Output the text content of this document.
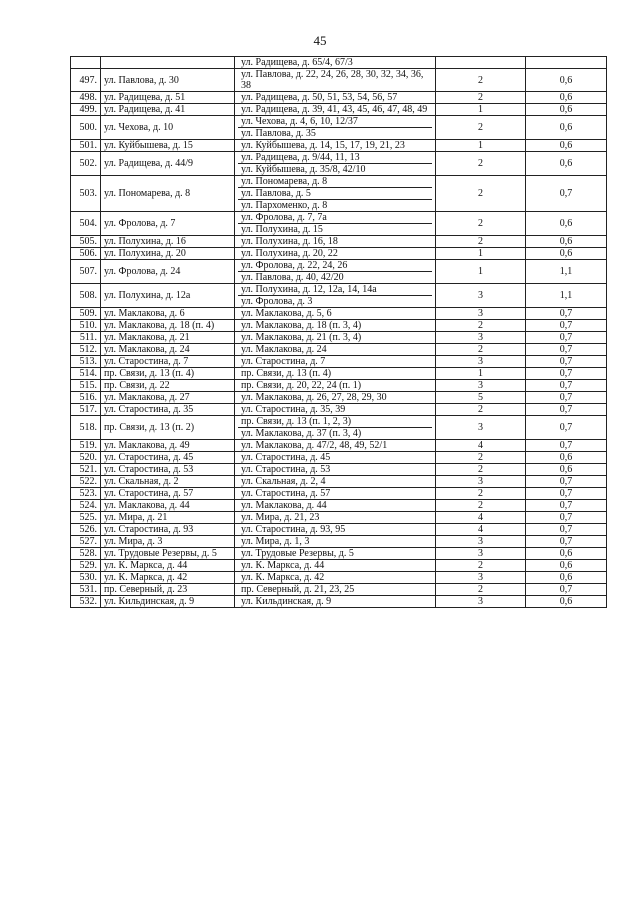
45

		ул. Радищева, д. 65/4, 67/3		

497.	ул. Павлова, д. 30	ул. Павлова, д. 22, 24, 26, 28, 30, 32, 34, 36, 38	2	0,6
498.	ул. Радищева, д. 51	ул. Радищева, д. 50, 51, 53, 54, 56, 57	2	0,6
499.	ул. Радищева, д. 41	ул. Радищева, д. 39, 41, 43, 45, 46, 47, 48, 49	1	0,6
500.	ул. Чехова, д. 10	ул. Чехова, д. 4, 6, 10, 12/37
ул. Павлова, д. 35	2	0,6
501.	ул. Куйбышева, д. 15	ул. Куйбышева, д. 14, 15, 17, 19, 21, 23	1	0,6
502.	ул. Радищева, д. 44/9	ул. Радищева, д. 9/44, 11, 13
ул. Куйбышева, д. 35/8, 42/10	2	0,6
503.	ул. Пономарева, д. 8	ул. Пономарева, д. 8
ул. Павлова, д. 5
ул. Пархоменко, д. 8	2	0,7
504.	ул. Фролова, д. 7	ул. Фролова, д. 7, 7а
ул. Полухина, д. 15	2	0,6
505.	ул. Полухина, д. 16	ул. Полухина, д. 16, 18	2	0,6
506.	ул. Полухина, д. 20	ул. Полухина, д. 20, 22	1	0,6
507.	ул. Фролова, д. 24	ул. Фролова, д. 22, 24, 26
ул. Павлова, д. 40, 42/20	1	1,1
508.	ул. Полухина, д. 12а	ул. Полухина, д. 12, 12а, 14, 14а
ул. Фролова, д. 3	3	1,1
509.	ул. Маклакова, д. 6	ул. Маклакова, д. 5, 6	3	0,7
510.	ул. Маклакова, д. 18 (п. 4)	ул. Маклакова, д. 18 (п. 3, 4)	2	0,7
511.	ул. Маклакова, д. 21	ул. Маклакова, д. 21 (п. 3, 4)	3	0,7
512.	ул. Маклакова, д. 24	ул. Маклакова, д. 24	2	0,7
513.	ул. Старостина, д. 7	ул. Старостина, д. 7	3	0,7
514.	пр. Связи, д. 13 (п. 4)	пр. Связи, д. 13 (п. 4)	1	0,7
515.	пр. Связи, д. 22	пр. Связи, д. 20, 22, 24 (п. 1)	3	0,7
516.	ул. Маклакова, д. 27	ул. Маклакова, д. 26, 27, 28, 29, 30	5	0,7
517.	ул. Старостина, д. 35	ул. Старостина, д. 35, 39	2	0,7
518.	пр. Связи, д. 13 (п. 2)	пр. Связи, д. 13 (п. 1, 2, 3)
ул. Маклакова, д. 37 (п. 3, 4)	3	0,7
519.	ул. Маклакова, д. 49	ул. Маклакова, д. 47/2, 48, 49, 52/1	4	0,7
520.	ул. Старостина, д. 45	ул. Старостина, д. 45	2	0,6
521.	ул. Старостина, д. 53	ул. Старостина, д. 53	2	0,6
522.	ул. Скальная, д. 2	ул. Скальная, д. 2, 4	3	0,7
523.	ул. Старостина, д. 57	ул. Старостина, д. 57	2	0,7
524.	ул. Маклакова, д. 44	ул. Маклакова, д. 44	2	0,7
525.	ул. Мира, д. 21	ул. Мира, д. 21, 23	4	0,7
526.	ул. Старостина, д. 93	ул. Старостина, д. 93, 95	4	0,7
527.	ул. Мира, д. 3	ул. Мира, д. 1, 3	3	0,7
528.	ул. Трудовые Резервы, д. 5	ул. Трудовые Резервы, д. 5	3	0,6
529.	ул. К. Маркса, д. 44	ул. К. Маркса, д. 44	2	0,6
530.	ул. К. Маркса, д. 42	ул. К. Маркса, д. 42	3	0,6
531.	пр. Северный, д. 23	пр. Северный, д. 21, 23, 25	2	0,7
532.	ул. Кильдинская, д. 9	ул. Кильдинская, д. 9	3	0,6
